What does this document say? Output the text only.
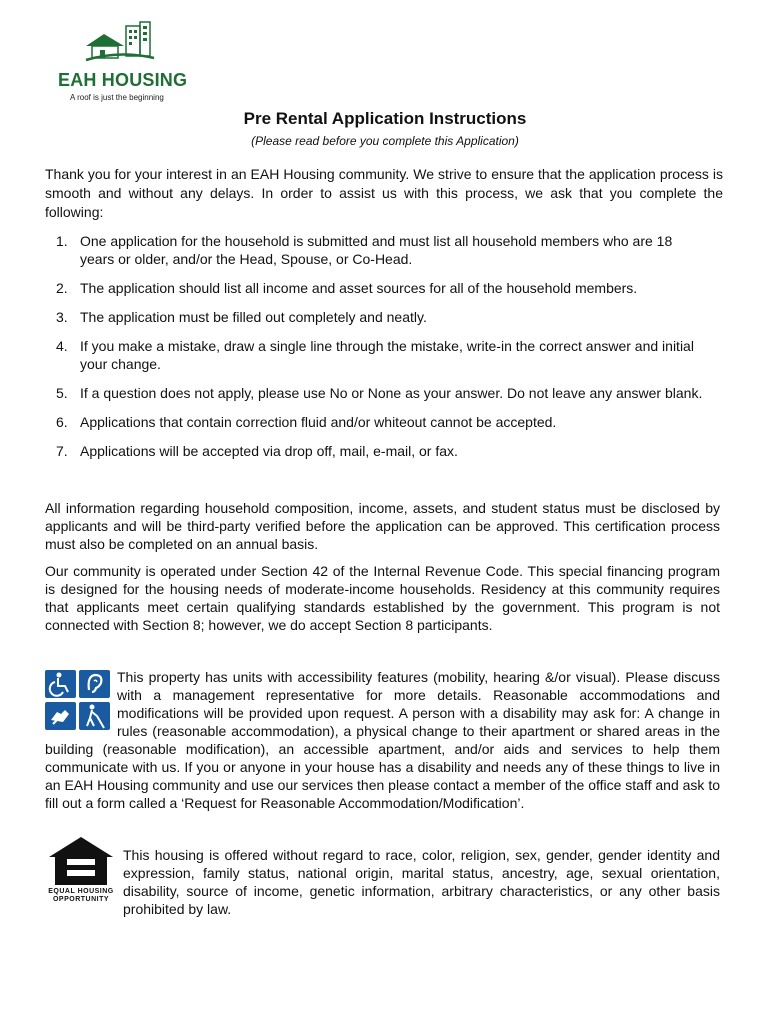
EAH HOUSING
A roof is just the beginning
Pre Rental Application Instructions
(Please read before you complete this Application)
Thank you for your interest in an EAH Housing community. We strive to ensure that the application process is smooth and without any delays. In order to assist us with this process, we ask that you complete the following:
1. One application for the household is submitted and must list all household members who are 18 years or older, and/or the Head, Spouse, or Co-Head.
2. The application should list all income and asset sources for all of the household members.
3. The application must be filled out completely and neatly.
4. If you make a mistake, draw a single line through the mistake, write-in the correct answer and initial your change.
5. If a question does not apply, please use No or None as your answer. Do not leave any answer blank.
6. Applications that contain correction fluid and/or whiteout cannot be accepted.
7. Applications will be accepted via drop off, mail, e-mail, or fax.

All information regarding household composition, income, assets, and student status must be disclosed by applicants and will be third-party verified before the application can be approved. This certification process must also be completed on an annual basis.

Our community is operated under Section 42 of the Internal Revenue Code. This special financing program is designed for the housing needs of moderate-income households. Residency at this community requires that applicants meet certain qualifying standards established by the government. This program is not connected with Section 8; however, we do accept Section 8 participants.

This property has units with accessibility features (mobility, hearing &/or visual). Please discuss with a management representative for more details. Reasonable accommodations and modifications will be provided upon request. A person with a disability may ask for: A change in rules (reasonable accommodation), a physical change to their apartment or shared areas in the building (reasonable modification), an accessible apartment, and/or aids and services to help them communicate with us. If you or anyone in your house has a disability and needs any of these things to live in an EAH Housing community and use our services then please contact a member of the office staff and ask to fill out a form called a ‘Request for Reasonable Accommodation/Modification’.
EQUAL HOUSING OPPORTUNITY
This housing is offered without regard to race, color, religion, sex, gender, gender identity and expression, family status, national origin, marital status, ancestry, age, sexual orientation, disability, source of income, genetic information, arbitrary characteristics, or any other basis prohibited by law.
